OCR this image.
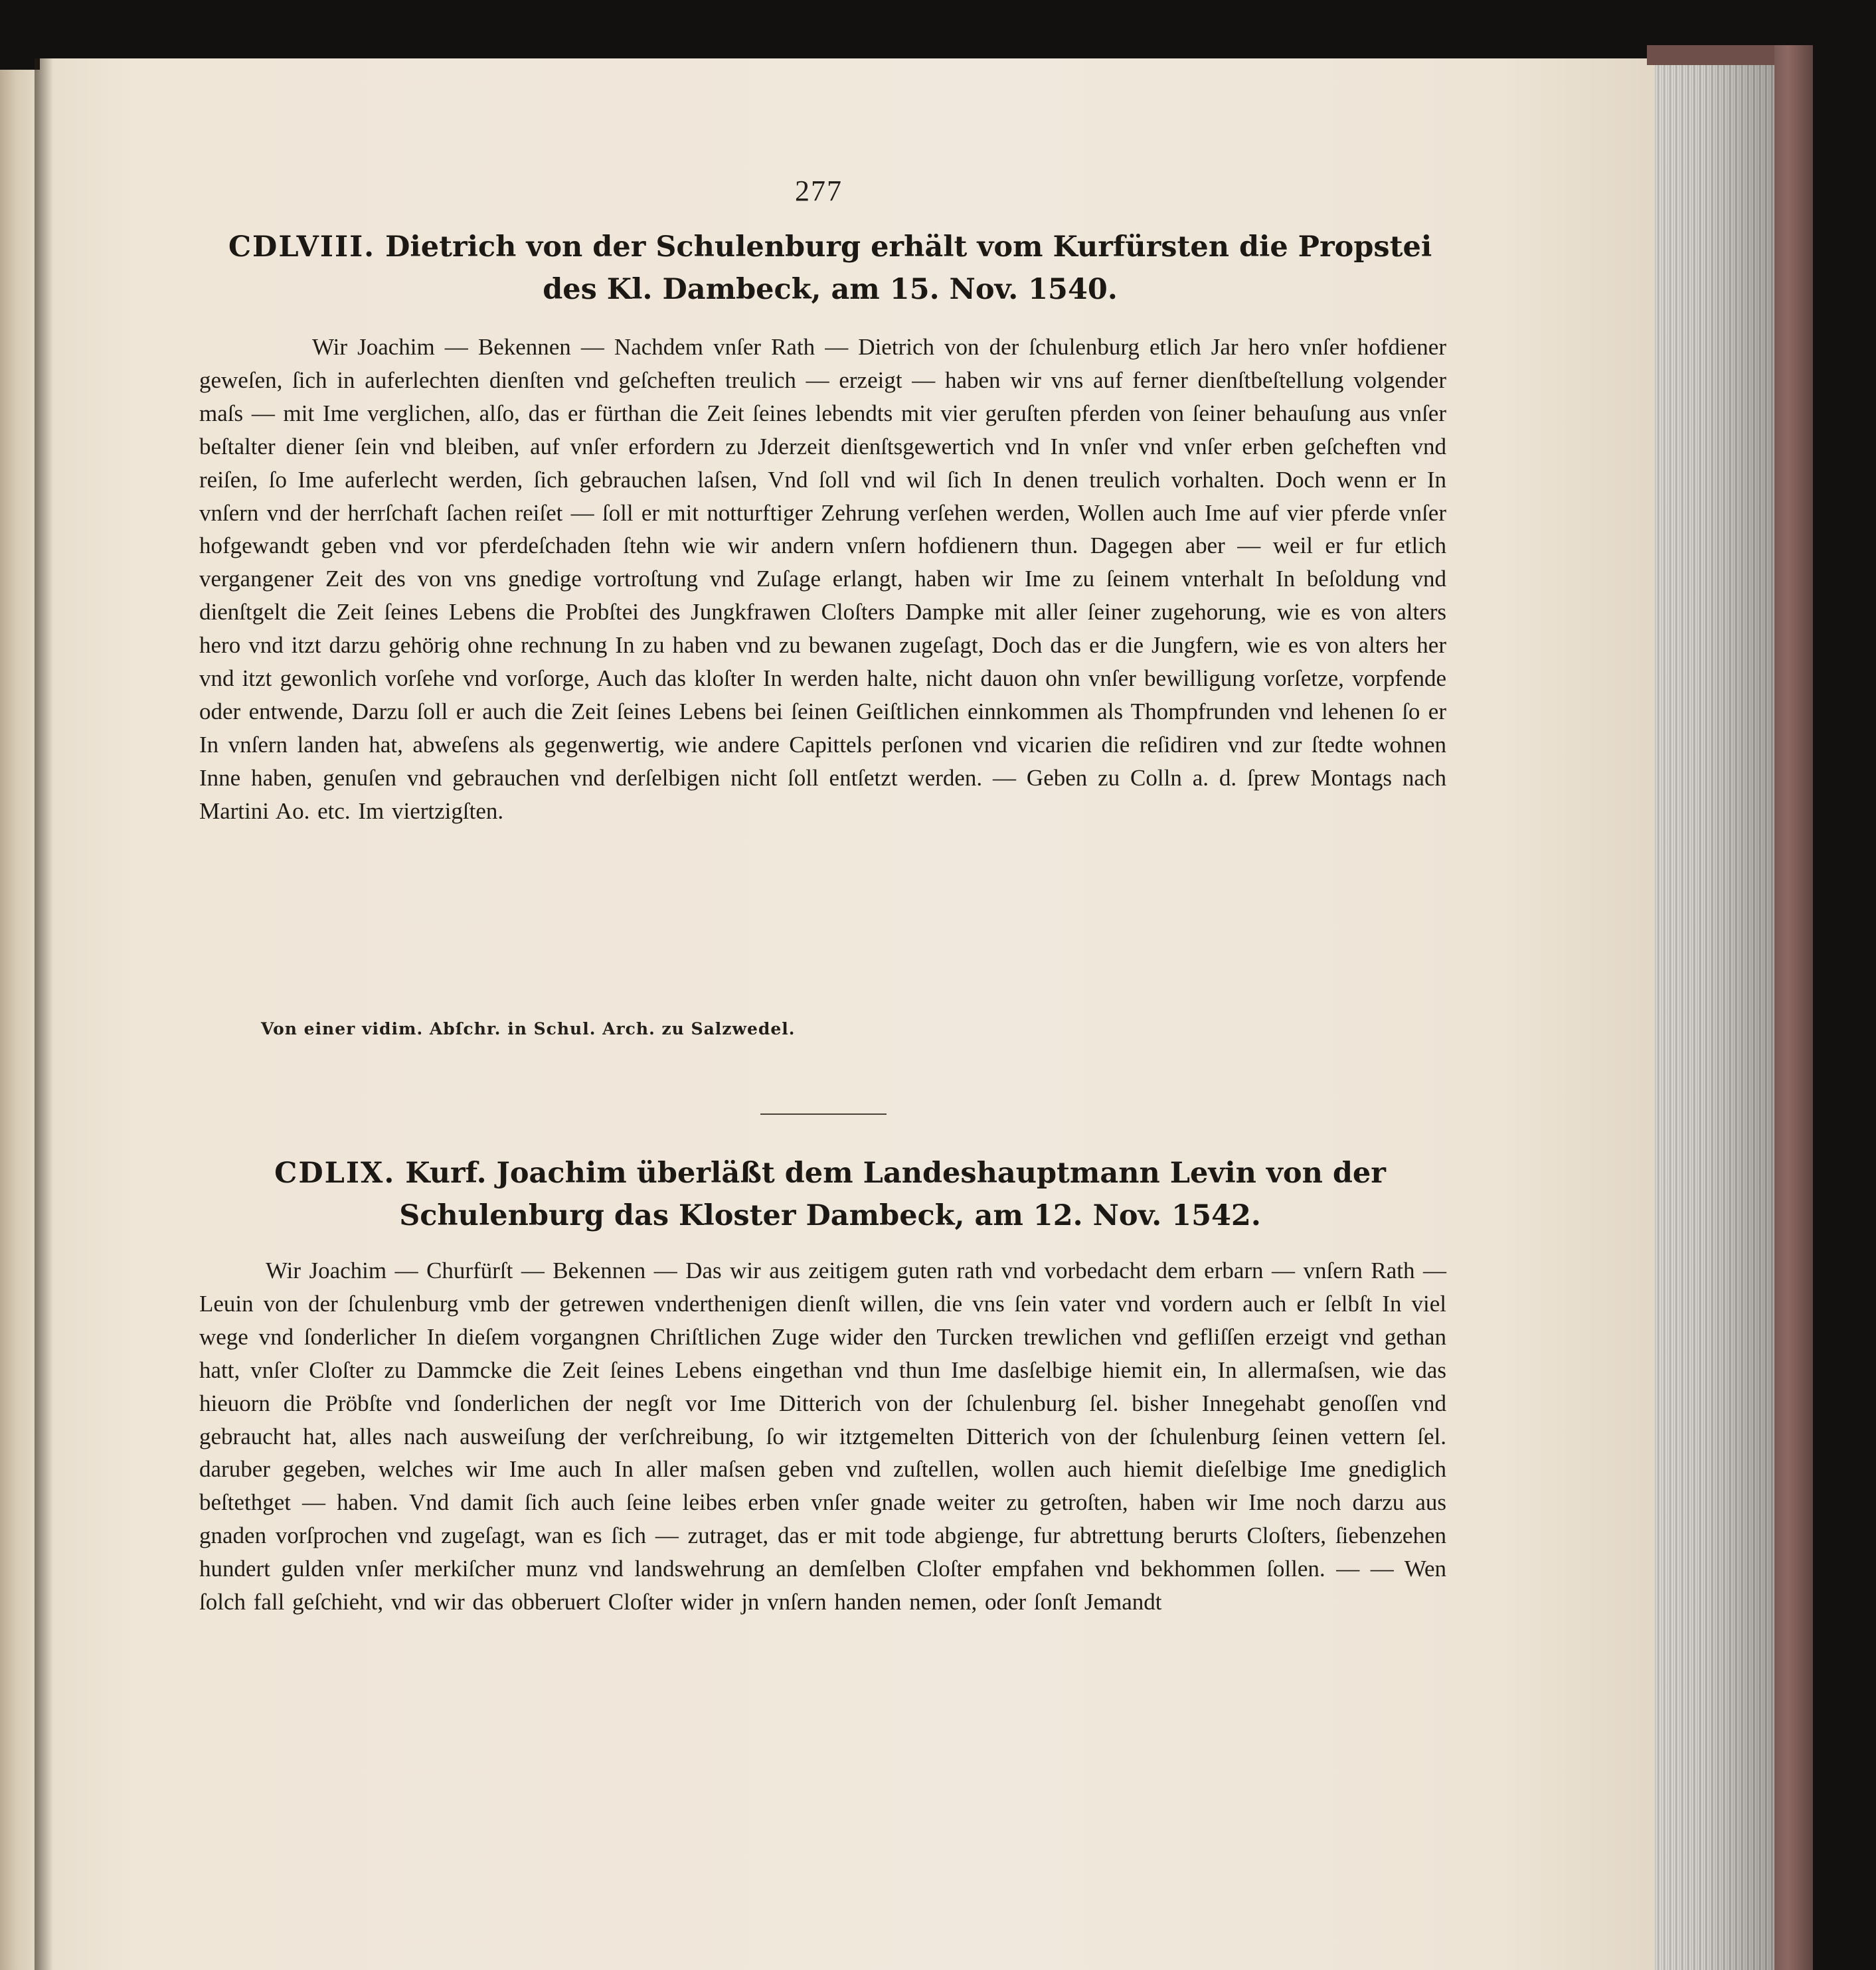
277
CDLVIII. Dietrich von der Schulenburg erhält vom Kurfürsten die Propstei des Kl. Dambeck, am 15. Nov. 1540.
Wir Joachim — Bekennen — Nachdem vnſer Rath — Dietrich von der ſchulenburg etlich Jar hero vnſer hofdiener geweſen, ſich in auferlechten dienſten vnd geſcheften treulich — erzeigt — haben wir vns auf ferner dienſtbeſtellung volgender maſs — mit Ime verglichen, alſo, das er fürthan die Zeit ſeines lebendts mit vier geruſten pferden von ſeiner behauſung aus vnſer beſtalter diener ſein vnd bleiben, auf vnſer erfordern zu Jderzeit dienſtsgewertich vnd In vnſer vnd vnſer erben geſcheften vnd reiſen, ſo Ime auferlecht werden, ſich gebrauchen laſsen, Vnd ſoll vnd wil ſich In denen treulich vorhalten. Doch wenn er In vnſern vnd der herrſchaft ſachen reiſet — ſoll er mit notturftiger Zehrung verſehen werden, Wollen auch Ime auf vier pferde vnſer hofgewandt geben vnd vor pferdeſchaden ſtehn wie wir andern vnſern hofdienern thun. Dagegen aber — weil er fur etlich vergangener Zeit des von vns gnedige vortroſtung vnd Zuſage erlangt, haben wir Ime zu ſeinem vnterhalt In beſoldung vnd dienſtgelt die Zeit ſeines Lebens die Probſtei des Jungkfrawen Cloſters Dampke mit aller ſeiner zugehorung, wie es von alters hero vnd itzt darzu gehörig ohne rechnung In zu haben vnd zu bewanen zugeſagt, Doch das er die Jungfern, wie es von alters her vnd itzt gewonlich vorſehe vnd vorſorge, Auch das kloſter In werden halte, nicht dauon ohn vnſer bewilligung vorſetze, vorpfende oder entwende, Darzu ſoll er auch die Zeit ſeines Lebens bei ſeinen Geiſtlichen einnkommen als Thompfrunden vnd lehenen ſo er In vnſern landen hat, abweſens als gegenwertig, wie andere Capittels perſonen vnd vicarien die reſidiren vnd zur ſtedte wohnen Inne haben, genuſen vnd gebrauchen vnd derſelbigen nicht ſoll entſetzt werden. — Geben zu Colln a. d. ſprew Montags nach Martini Ao. etc. Im viertzigſten.
Von einer vidim. Abſchr. in Schul. Arch. zu Salzwedel.
CDLIX. Kurf. Joachim überläßt dem Landeshauptmann Levin von der Schulenburg das Kloster Dambeck, am 12. Nov. 1542.
Wir Joachim — Churfürſt — Bekennen — Das wir aus zeitigem guten rath vnd vorbedacht dem erbarn — vnſern Rath — Leuin von der ſchulenburg vmb der getrewen vnderthenigen dienſt willen, die vns ſein vater vnd vordern auch er ſelbſt In viel wege vnd ſonderlicher In dieſem vorgangnen Chriſtlichen Zuge wider den Turcken trewlichen vnd gefliſſen erzeigt vnd gethan hatt, vnſer Cloſter zu Dammcke die Zeit ſeines Lebens eingethan vnd thun Ime dasſelbige hiemit ein, In allermaſsen, wie das hieuorn die Pröbſte vnd ſonderlichen der negſt vor Ime Ditterich von der ſchulenburg ſel. bisher Innegehabt genoſſen vnd gebraucht hat, alles nach ausweiſung der verſchreibung, ſo wir itztgemelten Ditterich von der ſchulenburg ſeinen vettern ſel. daruber gegeben, welches wir Ime auch In aller maſsen geben vnd zuſtellen, wollen auch hiemit dieſelbige Ime gnediglich beſtethget — haben. Vnd damit ſich auch ſeine leibes erben vnſer gnade weiter zu getroſten, haben wir Ime noch darzu aus gnaden vorſprochen vnd zugeſagt, wan es ſich — zutraget, das er mit tode abgienge, fur abtrettung berurts Cloſters, ſiebenzehen hundert gulden vnſer merkiſcher munz vnd landswehrung an demſelben Cloſter empfahen vnd bekhommen ſollen. — — Wen ſolch fall geſchieht, vnd wir das obberuert Cloſter wider jn vnſern handen nemen, oder ſonſt Jemandt
